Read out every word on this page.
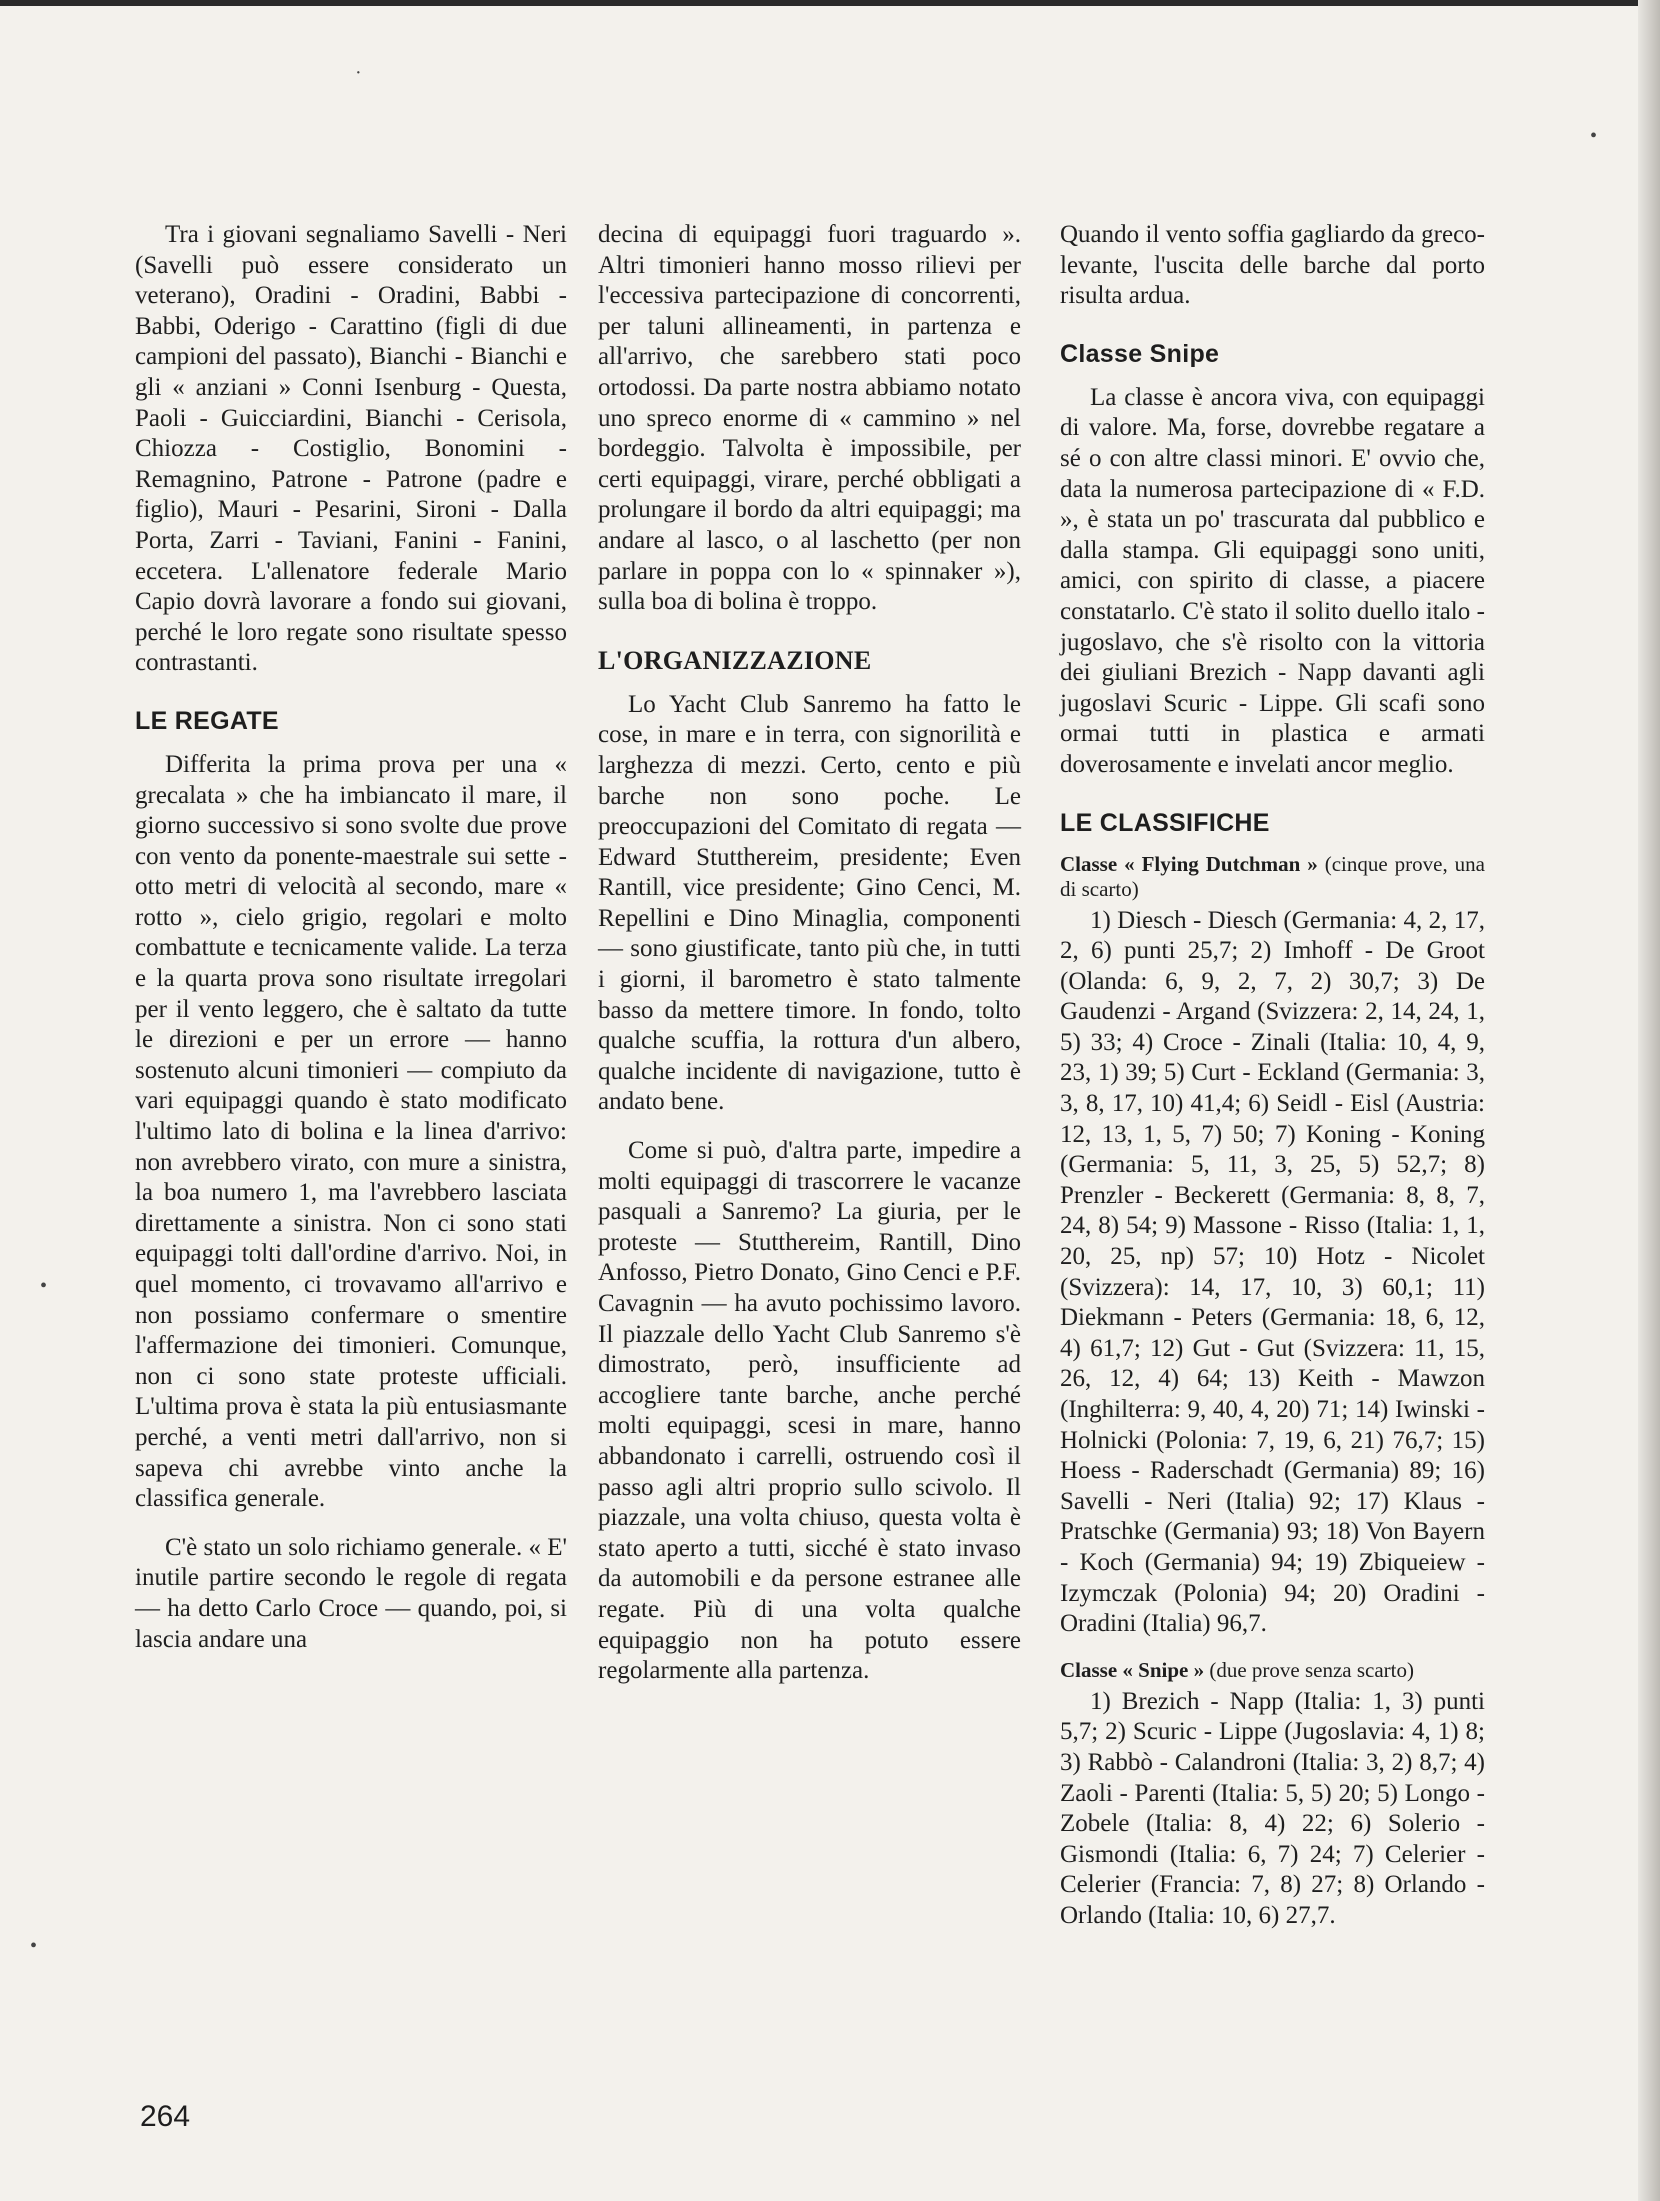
Tra i giovani segnaliamo Savelli - Neri (Savelli può essere considerato un veterano), Oradini - Oradini, Babbi - Babbi, Oderigo - Carattino (figli di due campioni del passato), Bianchi - Bianchi e gli « anziani » Conni Isenburg - Questa, Paoli - Guicciardini, Bianchi - Cerisola, Chiozza - Costiglio, Bonomini - Remagnino, Patrone - Patrone (padre e figlio), Mauri - Pesarini, Sironi - Dalla Porta, Zarri - Taviani, Fanini - Fanini, eccetera. L'allenatore federale Mario Capio dovrà lavorare a fondo sui giovani, perché le loro regate sono risultate spesso contrastanti.

LE REGATE

Differita la prima prova per una « grecalata » che ha imbiancato il mare, il giorno successivo si sono svolte due prove con vento da ponente-maestrale sui sette - otto metri di velocità al secondo, mare « rotto », cielo grigio, regolari e molto combattute e tecnicamente valide. La terza e la quarta prova sono risultate irregolari per il vento leggero, che è saltato da tutte le direzioni e per un errore — hanno sostenuto alcuni timonieri — compiuto da vari equipaggi quando è stato modificato l'ultimo lato di bolina e la linea d'arrivo: non avrebbero virato, con mure a sinistra, la boa numero 1, ma l'avrebbero lasciata direttamente a sinistra. Non ci sono stati equipaggi tolti dall'ordine d'arrivo. Noi, in quel momento, ci trovavamo all'arrivo e non possiamo confermare o smentire l'affermazione dei timonieri. Comunque, non ci sono state proteste ufficiali. L'ultima prova è stata la più entusiasmante perché, a venti metri dall'arrivo, non si sapeva chi avrebbe vinto anche la classifica generale.

C'è stato un solo richiamo generale. « E' inutile partire secondo le regole di regata — ha detto Carlo Croce — quando, poi, si lascia andare una

decina di equipaggi fuori traguardo ». Altri timonieri hanno mosso rilievi per l'eccessiva partecipazione di concorrenti, per taluni allineamenti, in partenza e all'arrivo, che sarebbero stati poco ortodossi. Da parte nostra abbiamo notato uno spreco enorme di « cammino » nel bordeggio. Talvolta è impossibile, per certi equipaggi, virare, perché obbligati a prolungare il bordo da altri equipaggi; ma andare al lasco, o al laschetto (per non parlare in poppa con lo « spinnaker »), sulla boa di bolina è troppo.

L'ORGANIZZAZIONE

Lo Yacht Club Sanremo ha fatto le cose, in mare e in terra, con signorilità e larghezza di mezzi. Certo, cento e più barche non sono poche. Le preoccupazioni del Comitato di regata — Edward Stutthereim, presidente; Even Rantill, vice presidente; Gino Cenci, M. Repellini e Dino Minaglia, componenti — sono giustificate, tanto più che, in tutti i giorni, il barometro è stato talmente basso da mettere timore. In fondo, tolto qualche scuffia, la rottura d'un albero, qualche incidente di navigazione, tutto è andato bene.

Come si può, d'altra parte, impedire a molti equipaggi di trascorrere le vacanze pasquali a Sanremo? La giuria, per le proteste — Stutthereim, Rantill, Dino Anfosso, Pietro Donato, Gino Cenci e P.F. Cavagnin — ha avuto pochissimo lavoro. Il piazzale dello Yacht Club Sanremo s'è dimostrato, però, insufficiente ad accogliere tante barche, anche perché molti equipaggi, scesi in mare, hanno abbandonato i carrelli, ostruendo così il passo agli altri proprio sullo scivolo. Il piazzale, una volta chiuso, questa volta è stato aperto a tutti, sicché è stato invaso da automobili e da persone estranee alle regate. Più di una volta qualche equipaggio non ha potuto essere regolarmente alla partenza.

Quando il vento soffia gagliardo da greco-levante, l'uscita delle barche dal porto risulta ardua.

Classe Snipe

La classe è ancora viva, con equipaggi di valore. Ma, forse, dovrebbe regatare a sé o con altre classi minori. E' ovvio che, data la numerosa partecipazione di « F.D. », è stata un po' trascurata dal pubblico e dalla stampa. Gli equipaggi sono uniti, amici, con spirito di classe, a piacere constatarlo. C'è stato il solito duello italo - jugoslavo, che s'è risolto con la vittoria dei giuliani Brezich - Napp davanti agli jugoslavi Scuric - Lippe. Gli scafi sono ormai tutti in plastica e armati doverosamente e invelati ancor meglio.

LE CLASSIFICHE
Classe « Flying Dutchman » (cinque prove, una di scarto)

1) Diesch - Diesch (Germania: 4, 2, 17, 2, 6) punti 25,7; 2) Imhoff - De Groot (Olanda: 6, 9, 2, 7, 2) 30,7; 3) De Gaudenzi - Argand (Svizzera: 2, 14, 24, 1, 5) 33; 4) Croce - Zinali (Italia: 10, 4, 9, 23, 1) 39; 5) Curt - Eckland (Germania: 3, 3, 8, 17, 10) 41,4; 6) Seidl - Eisl (Austria: 12, 13, 1, 5, 7) 50; 7) Koning - Koning (Germania: 5, 11, 3, 25, 5) 52,7; 8) Prenzler - Beckerett (Germania: 8, 8, 7, 24, 8) 54; 9) Massone - Risso (Italia: 1, 1, 20, 25, np) 57; 10) Hotz - Nicolet (Svizzera): 14, 17, 10, 3) 60,1; 11) Diekmann - Peters (Germania: 18, 6, 12, 4) 61,7; 12) Gut - Gut (Svizzera: 11, 15, 26, 12, 4) 64; 13) Keith - Mawzon (Inghilterra: 9, 40, 4, 20) 71; 14) Iwinski - Holnicki (Polonia: 7, 19, 6, 21) 76,7; 15) Hoess - Raderschadt (Germania) 89; 16) Savelli - Neri (Italia) 92; 17) Klaus - Pratschke (Germania) 93; 18) Von Bayern - Koch (Germania) 94; 19) Zbiqueiew - Izymczak (Polonia) 94; 20) Oradini - Oradini (Italia) 96,7.

Classe « Snipe » (due prove senza scarto)

1) Brezich - Napp (Italia: 1, 3) punti 5,7; 2) Scuric - Lippe (Jugoslavia: 4, 1) 8; 3) Rabbò - Calandroni (Italia: 3, 2) 8,7; 4) Zaoli - Parenti (Italia: 5, 5) 20; 5) Longo - Zobele (Italia: 8, 4) 22; 6) Solerio - Gismondi (Italia: 6, 7) 24; 7) Celerier - Celerier (Francia: 7, 8) 27; 8) Orlando - Orlando (Italia: 10, 6) 27,7.

264
·
•
•
•
